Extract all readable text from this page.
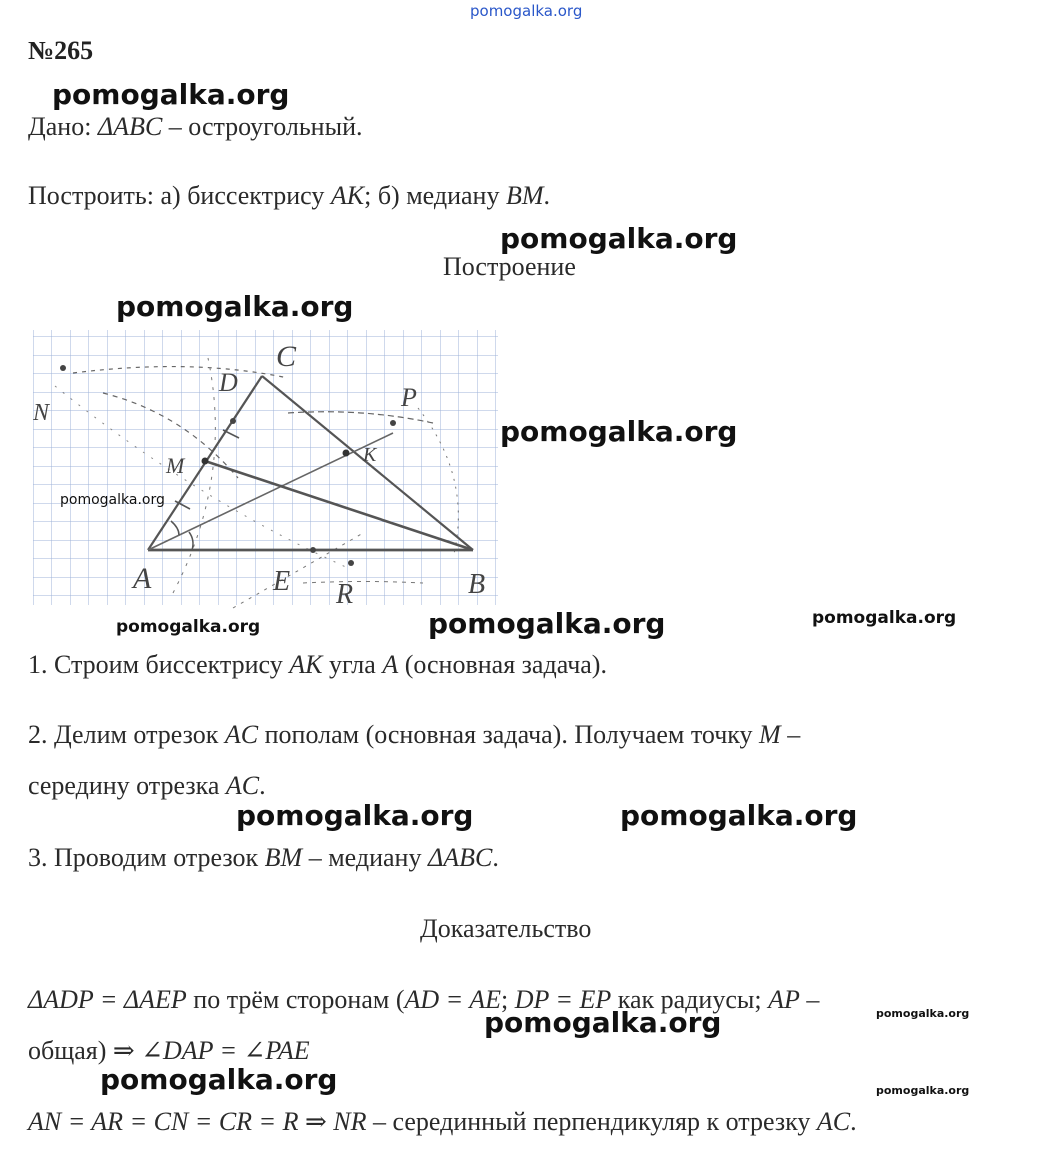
pomogalka.org
№265
pomogalka.org
pomogalka.org
pomogalka.org
pomogalka.org
pomogalka.org
pomogalka.org	pomogalka.org
pomogalka.org
pomogalka.org
pomogalka.org	pomogalka.org
pomogalka.org
pomogalka.org
Дано: ΔABC – остроугольный.
Построить: а) биссектрису AK; б) медиану BM.
Построение
C
D
P
N
M	K
A	E R	B
pomogalka.org
1. Строим биссектрису AK угла A (основная задача).
2. Делим отрезок AC пополам (основная задача). Получаем точку M –
середину отрезка AC.
3. Проводим отрезок BM – медиану ΔABC.
Доказательство
ΔADP = ΔAEP по трём сторонам (AD = AE; DP = EP как радиусы; AP –
общая) ⇒ ∠DAP = ∠PAE
AN = AR = CN = CR = R ⇒ NR – серединный перпендикуляр к отрезку AC.
